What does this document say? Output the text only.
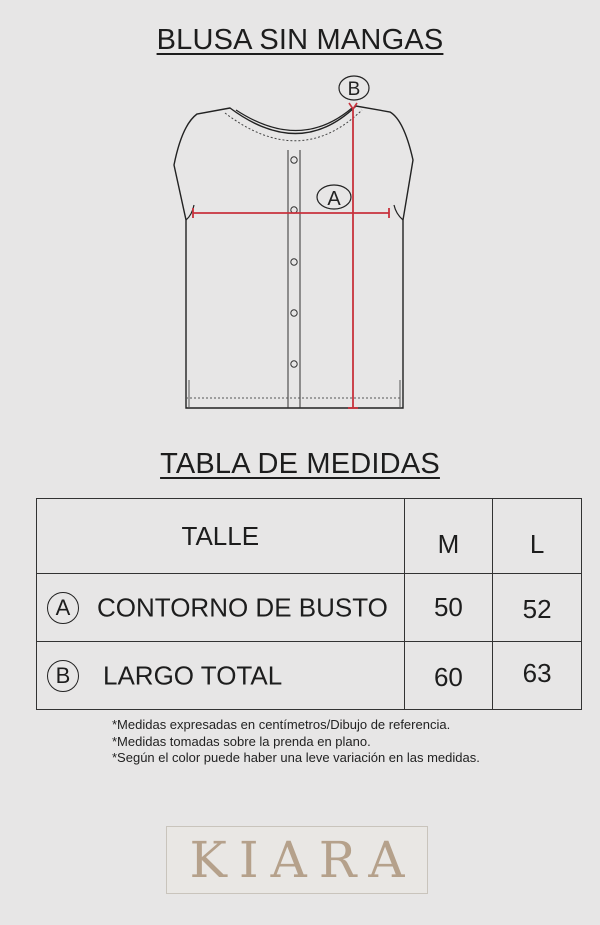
BLUSA SIN MANGAS
A
B
TABLA DE MEDIDAS
TALLE	M	L

A CONTORNO DE BUSTO	50	52

B LARGO TOTAL	60	63
*Medidas expresadas en centímetros/Dibujo de referencia.
*Medidas tomadas sobre la prenda en plano.
*Según el color puede haber una leve variación en las medidas.
KIARA
